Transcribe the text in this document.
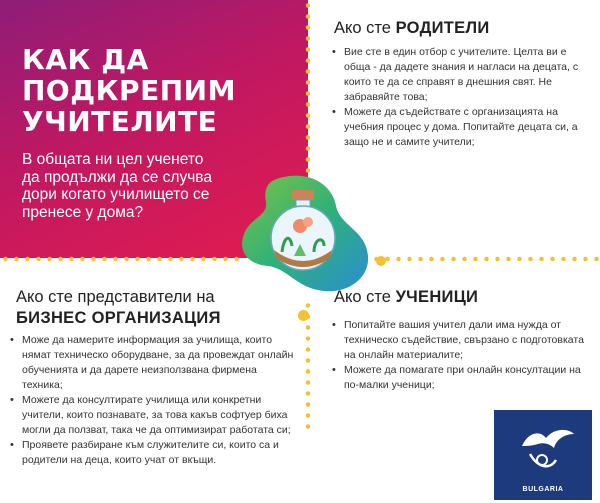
КАК ДА
ПОДКРЕПИМ
УЧИТЕЛИТЕ

В общата ни цел ученето
да продължи да се случва
дори когато училището се
пренесе у дома?

Ако сте РОДИТЕЛИ

• Вие сте в един отбор с учителите. Целта ви е обща - да дадете знания и нагласи на децата, с които те да се справят в днешния свят. Не забравяйте това;
• Можете да съдействате с организацията на учебния процес у дома. Попитайте децата си, а защо не и самите учители;

Ако сте представители на
БИЗНЕС ОРГАНИЗАЦИЯ

• Може да намерите информация за училища, които нямат техническо оборудване, за да провеждат онлайн обученията и да дарете неизползвана фирмена техника;
• Можете да консултирате училища или конкретни учители, които познавате, за това какъв софтуер биха могли да ползват, така че да оптимизират работата си;
• Проявете разбиране към служителите си, които са и родители на деца, които учат от вкъщи.

Ако сте УЧЕНИЦИ

• Попитайте вашия учител дали има нужда от техническо съдействие, свързано с подготовката на онлайн материалите;
• Можете да помагате при онлайн консултации на по-малки ученици;
BULGARIA
